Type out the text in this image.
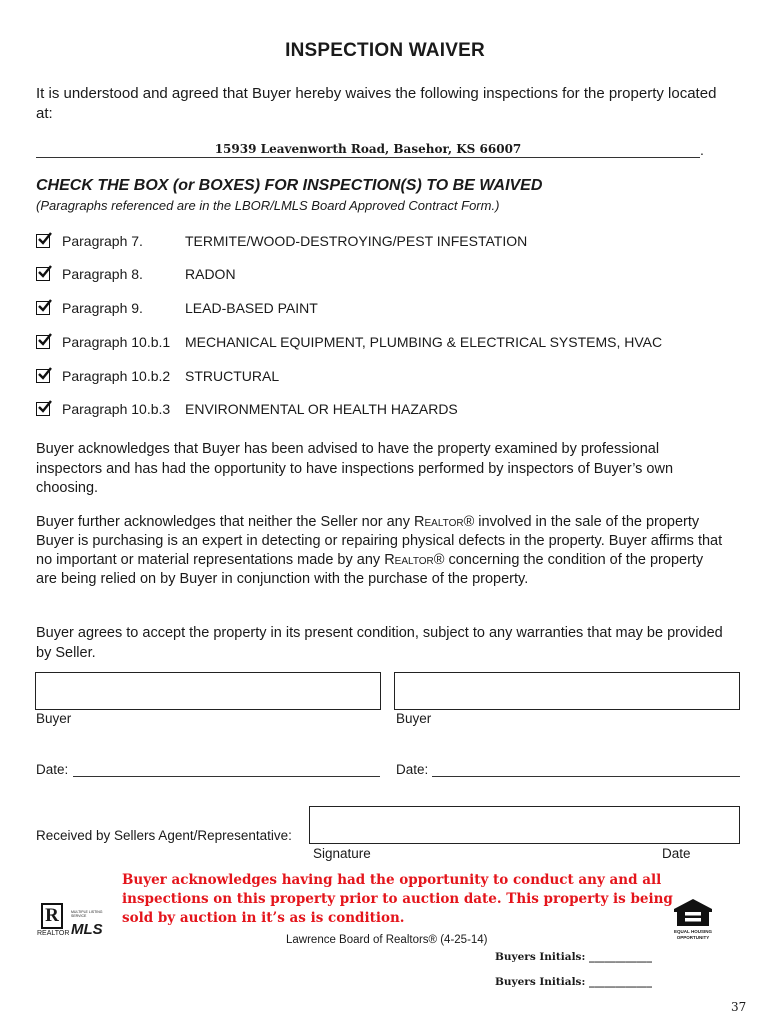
INSPECTION WAIVER
It is understood and agreed that Buyer hereby waives the following inspections for the property located at:
15939 Leavenworth Road, Basehor, KS 66007	.
CHECK THE BOX (or BOXES) FOR INSPECTION(S) TO BE WAIVED
(Paragraphs referenced are in the LBOR/LMLS Board Approved Contract Form.)
Paragraph 7.	TERMITE/WOOD-DESTROYING/PEST INFESTATION
Paragraph 8.	RADON
Paragraph 9.	LEAD-BASED PAINT
Paragraph 10.b.1 MECHANICAL EQUIPMENT, PLUMBING & ELECTRICAL SYSTEMS, HVAC
Paragraph 10.b.2 STRUCTURAL
Paragraph 10.b.3 ENVIRONMENTAL OR HEALTH HAZARDS
Buyer acknowledges that Buyer has been advised to have the property examined by professional inspectors and has had the opportunity to have inspections performed by inspectors of Buyer’s own choosing.
Buyer further acknowledges that neither the Seller nor any Realtor® involved in the sale of the property Buyer is purchasing is an expert in detecting or repairing physical defects in the property. Buyer affirms that no important or material representations made by any Realtor® concerning the condition of the property are being relied on by Buyer in conjunction with the purchase of the property.
Buyer agrees to accept the property in its present condition, subject to any warranties that may be provided by Seller.
Buyer	Buyer
Date:	Date:
Received by Sellers Agent/Representative:
Signature	Date
Buyer acknowledges having had the opportunity to conduct any and all inspections on this property prior to auction date. This property is being sold by auction in it’s as is condition.
R
REALTOR
MULTIPLE LISTING SERVICE
MLS	EQUAL HOUSING
OPPORTUNITY
Lawrence Board of Realtors® (4-25-14)
Buyers Initials: ____________
Buyers Initials: ____________
37
